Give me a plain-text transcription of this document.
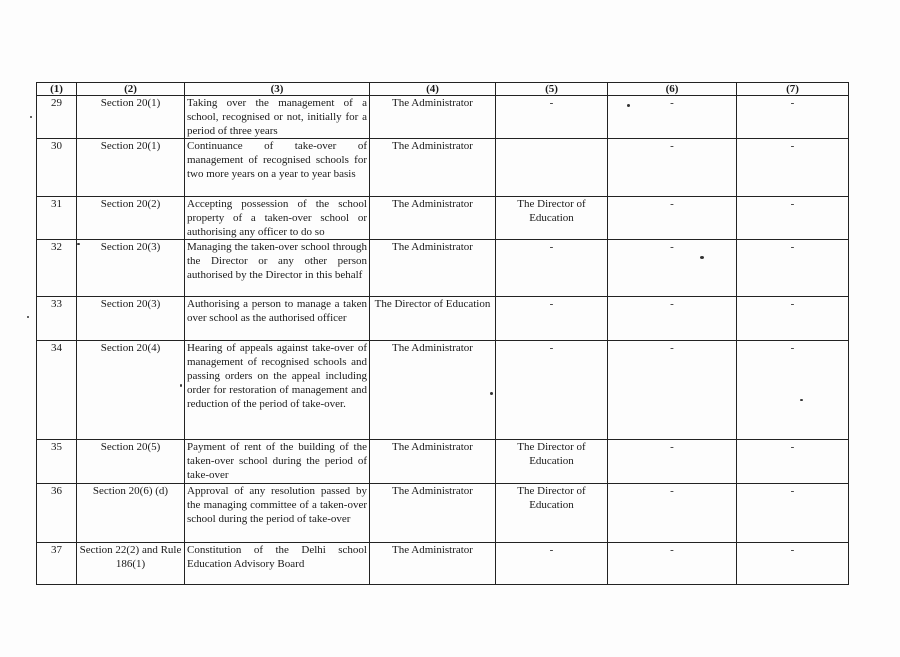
(1)	(2)	(3)	(4)	(5)	(6)	(7)
29	Section 20(1)	Taking over the management of a school, recognised or not, initially for a period of three years	The Administrator	-	-	-
30	Section 20(1)	Continuance of take-over of management of recognised schools for two more years on a year to year basis	The Administrator		-	-
31	Section 20(2)	Accepting possession of the school property of a taken-over school or authorising any officer to do so	The Administrator	The Director of Education	-	-
32	Section 20(3)	Managing the taken-over school through the Director or any other person authorised by the Director in this behalf	The Administrator	-	-	-
33	Section 20(3)	Authorising a person to manage a taken over school as the authorised officer	The Director of Education	-	-	-
34	Section 20(4)	Hearing of appeals against take-over of management of recognised schools and passing orders on the appeal including order for restoration of management and reduction of the period of take-over.	The Administrator	-	-	-
35	Section 20(5)	Payment of rent of the building of the taken-over school during the period of take-over	The Administrator	The Director of Education	-	-
36	Section 20(6) (d)	Approval of any resolution passed by the managing committee of a taken-over school during the period of take-over	The Administrator	The Director of Education	-	-
37	Section 22(2) and Rule 186(1)	Constitution of the Delhi school Education Advisory Board	The Administrator	-	-	-
